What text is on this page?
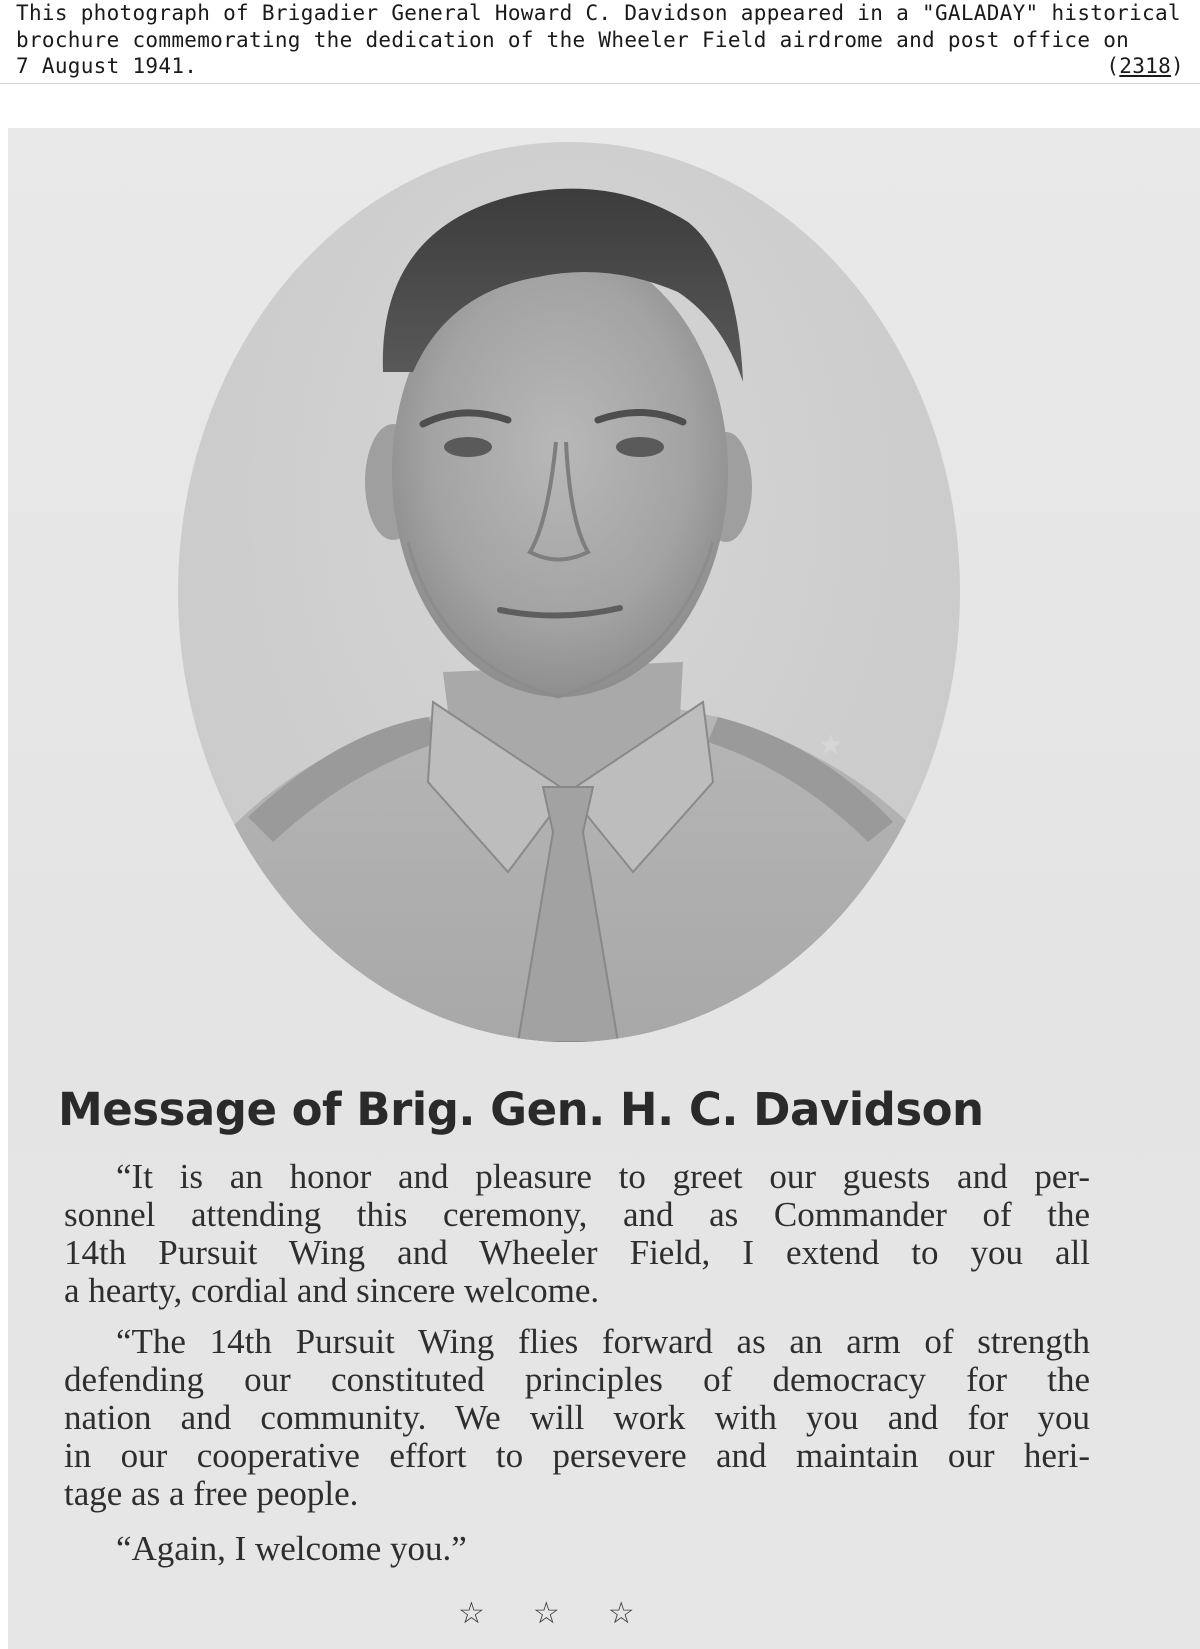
This photograph of Brigadier General Howard C. Davidson appeared in a "GALADAY" historical
brochure commemorating the dedication of the Wheeler Field airdrome and post office on
7 August 1941.	(2318)
★
Message of Brig. Gen. H. C. Davidson
“It is an honor and pleasure to greet our guests and per-
sonnel attending this ceremony, and as Commander of the
14th Pursuit Wing and Wheeler Field, I extend to you all
a hearty, cordial and sincere welcome.
“The 14th Pursuit Wing flies forward as an arm of strength
defending our constituted principles of democracy for the
nation and community. We will work with you and for you
in our cooperative effort to persevere and maintain our heri-
tage as a free people.
“Again, I welcome you.”
☆☆☆
